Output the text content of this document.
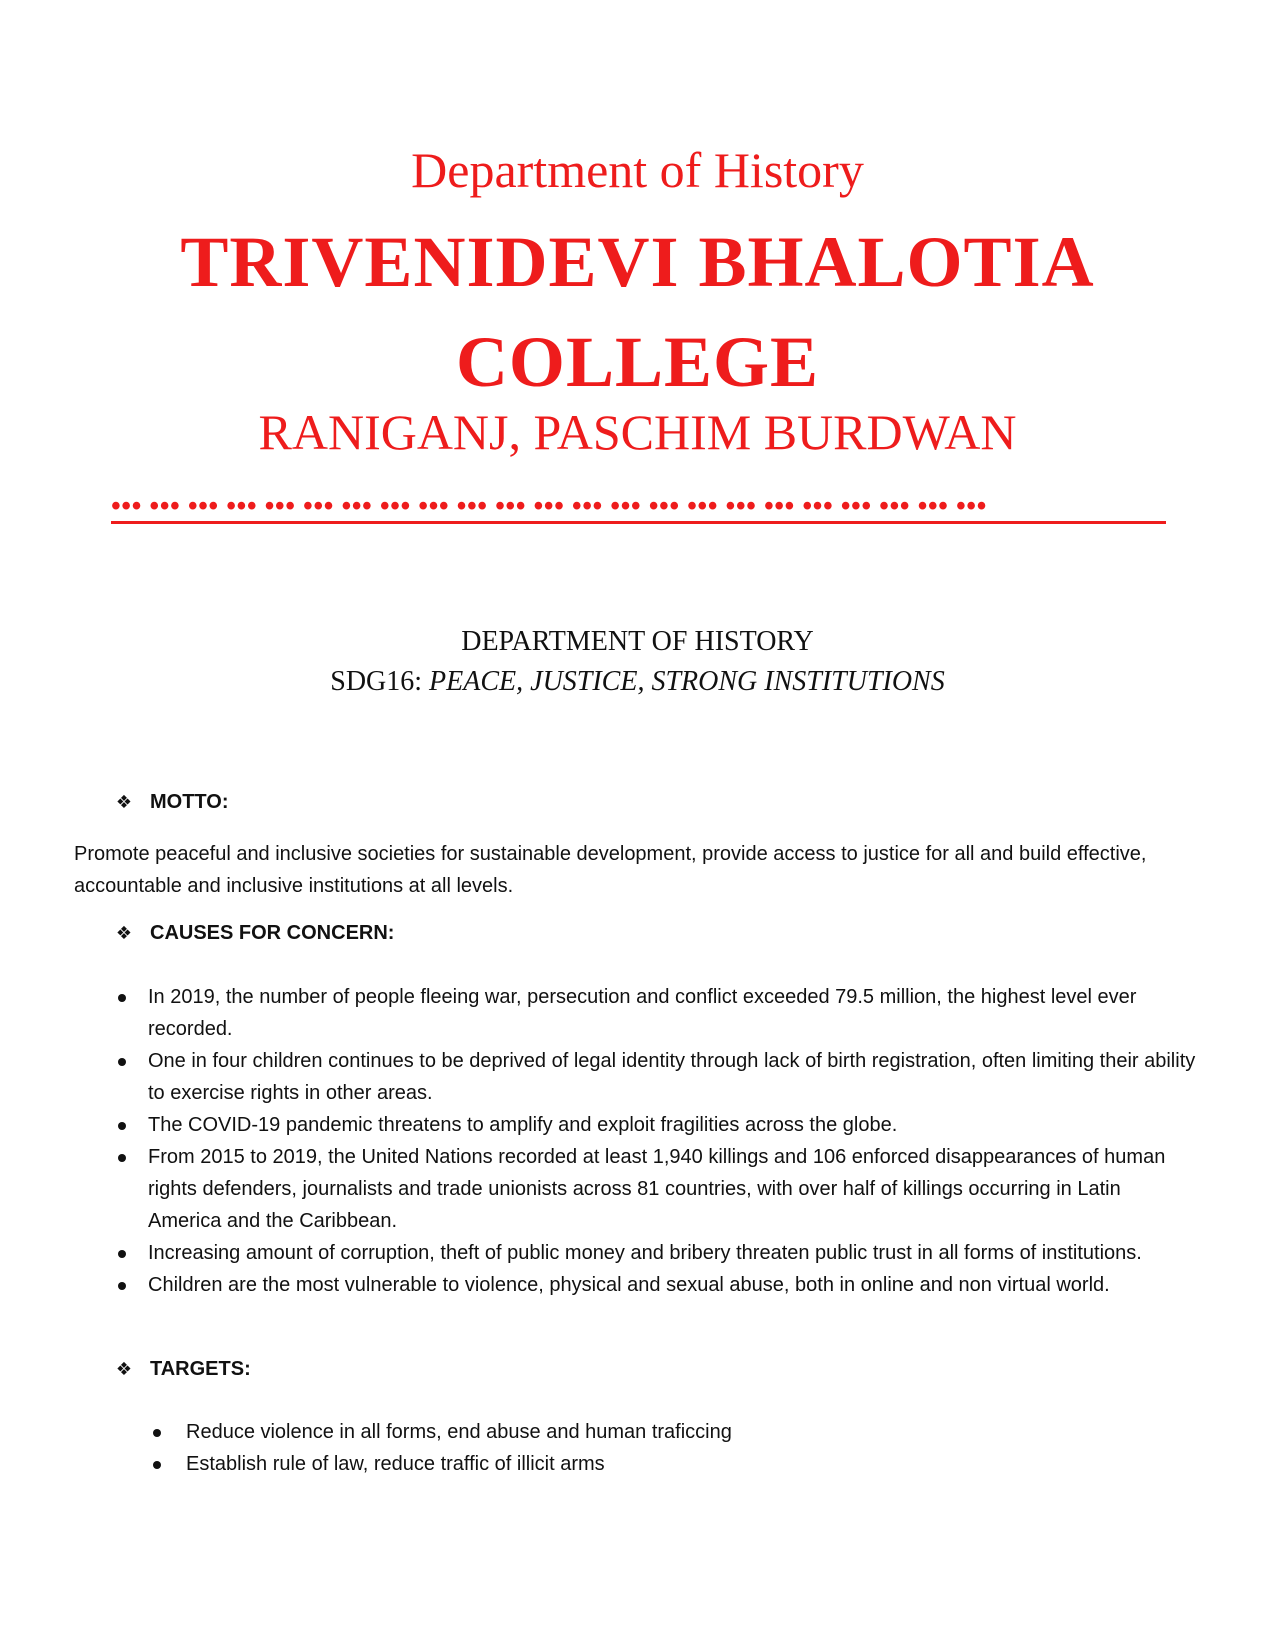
Department of History
TRIVENIDEVI BHALOTIA
COLLEGE
RANIGANJ, PASCHIM BURDWAN
••• ••• ••• ••• ••• ••• ••• ••• ••• ••• ••• ••• ••• ••• ••• ••• ••• ••• ••• ••• ••• ••• •••
DEPARTMENT OF HISTORY
SDG16: PEACE, JUSTICE, STRONG INSTITUTIONS
❖ MOTTO:
Promote peaceful and inclusive societies for sustainable development, provide access to justice for all and build effective, accountable and inclusive institutions at all levels.
❖ CAUSES FOR CONCERN:
In 2019, the number of people fleeing war, persecution and conflict exceeded 79.5 million, the highest level ever recorded.
One in four children continues to be deprived of legal identity through lack of birth registration, often limiting their ability to exercise rights in other areas.
The COVID-19 pandemic threatens to amplify and exploit fragilities across the globe.
From 2015 to 2019, the United Nations recorded at least 1,940 killings and 106 enforced disappearances of human rights defenders, journalists and trade unionists across 81 countries, with over half of killings occurring in Latin America and the Caribbean.
Increasing amount of corruption, theft of public money and bribery threaten public trust in all forms of institutions.
Children are the most vulnerable to violence, physical and sexual abuse, both in online and non virtual world.
❖ TARGETS:
Reduce violence in all forms, end abuse and human traficcing
Establish rule of law, reduce traffic of illicit arms
